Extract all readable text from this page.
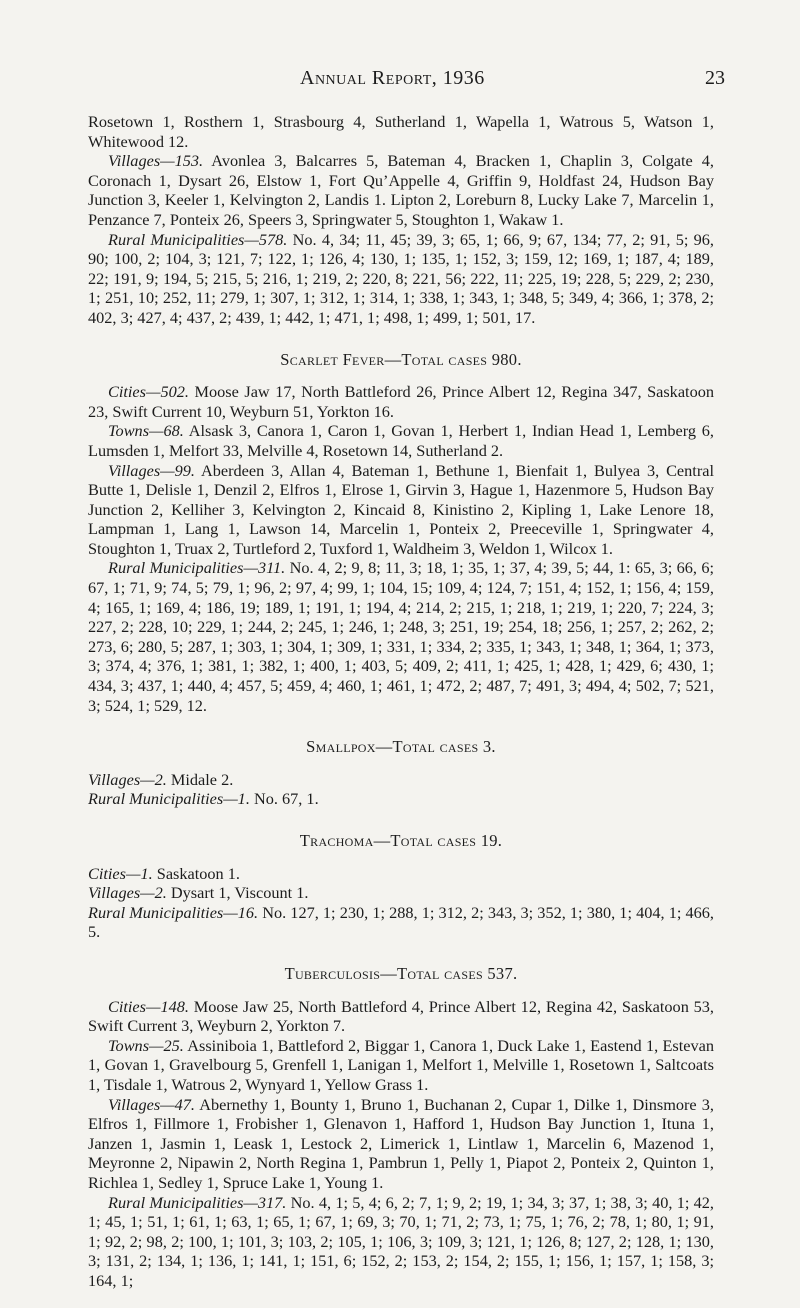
Annual Report, 1936	23

Rosetown 1, Rosthern 1, Strasbourg 4, Sutherland 1, Wapella 1, Watrous 5, Watson 1, Whitewood 12.

Villages—153. Avonlea 3, Balcarres 5, Bateman 4, Bracken 1, Chaplin 3, Colgate 4, Coronach 1, Dysart 26, Elstow 1, Fort Qu’Appelle 4, Griffin 9, Holdfast 24, Hudson Bay Junction 3, Keeler 1, Kelvington 2, Landis 1. Lipton 2, Loreburn 8, Lucky Lake 7, Marcelin 1, Penzance 7, Ponteix 26, Speers 3, Springwater 5, Stoughton 1, Wakaw 1.

Rural Municipalities—578. No. 4, 34; 11, 45; 39, 3; 65, 1; 66, 9; 67, 134; 77, 2; 91, 5; 96, 90; 100, 2; 104, 3; 121, 7; 122, 1; 126, 4; 130, 1; 135, 1; 152, 3; 159, 12; 169, 1; 187, 4; 189, 22; 191, 9; 194, 5; 215, 5; 216, 1; 219, 2; 220, 8; 221, 56; 222, 11; 225, 19; 228, 5; 229, 2; 230, 1; 251, 10; 252, 11; 279, 1; 307, 1; 312, 1; 314, 1; 338, 1; 343, 1; 348, 5; 349, 4; 366, 1; 378, 2; 402, 3; 427, 4; 437, 2; 439, 1; 442, 1; 471, 1; 498, 1; 499, 1; 501, 17.

Scarlet Fever—Total cases 980.

Cities—502. Moose Jaw 17, North Battleford 26, Prince Albert 12, Regina 347, Saskatoon 23, Swift Current 10, Weyburn 51, Yorkton 16.

Towns—68. Alsask 3, Canora 1, Caron 1, Govan 1, Herbert 1, Indian Head 1, Lemberg 6, Lumsden 1, Melfort 33, Melville 4, Rosetown 14, Sutherland 2.

Villages—99. Aberdeen 3, Allan 4, Bateman 1, Bethune 1, Bienfait 1, Bulyea 3, Central Butte 1, Delisle 1, Denzil 2, Elfros 1, Elrose 1, Girvin 3, Hague 1, Hazenmore 5, Hudson Bay Junction 2, Kelliher 3, Kelvington 2, Kincaid 8, Kinistino 2, Kipling 1, Lake Lenore 18, Lampman 1, Lang 1, Lawson 14, Marcelin 1, Ponteix 2, Preeceville 1, Springwater 4, Stoughton 1, Truax 2, Turtleford 2, Tuxford 1, Waldheim 3, Weldon 1, Wilcox 1.

Rural Municipalities—311. No. 4, 2; 9, 8; 11, 3; 18, 1; 35, 1; 37, 4; 39, 5; 44, 1: 65, 3; 66, 6; 67, 1; 71, 9; 74, 5; 79, 1; 96, 2; 97, 4; 99, 1; 104, 15; 109, 4; 124, 7; 151, 4; 152, 1; 156, 4; 159, 4; 165, 1; 169, 4; 186, 19; 189, 1; 191, 1; 194, 4; 214, 2; 215, 1; 218, 1; 219, 1; 220, 7; 224, 3; 227, 2; 228, 10; 229, 1; 244, 2; 245, 1; 246, 1; 248, 3; 251, 19; 254, 18; 256, 1; 257, 2; 262, 2; 273, 6; 280, 5; 287, 1; 303, 1; 304, 1; 309, 1; 331, 1; 334, 2; 335, 1; 343, 1; 348, 1; 364, 1; 373, 3; 374, 4; 376, 1; 381, 1; 382, 1; 400, 1; 403, 5; 409, 2; 411, 1; 425, 1; 428, 1; 429, 6; 430, 1; 434, 3; 437, 1; 440, 4; 457, 5; 459, 4; 460, 1; 461, 1; 472, 2; 487, 7; 491, 3; 494, 4; 502, 7; 521, 3; 524, 1; 529, 12.

Smallpox—Total cases 3.

Villages—2. Midale 2.

Rural Municipalities—1. No. 67, 1.

Trachoma—Total cases 19.

Cities—1. Saskatoon 1.

Villages—2. Dysart 1, Viscount 1.

Rural Municipalities—16. No. 127, 1; 230, 1; 288, 1; 312, 2; 343, 3; 352, 1; 380, 1; 404, 1; 466, 5.

Tuberculosis—Total cases 537.

Cities—148. Moose Jaw 25, North Battleford 4, Prince Albert 12, Regina 42, Saskatoon 53, Swift Current 3, Weyburn 2, Yorkton 7.

Towns—25. Assiniboia 1, Battleford 2, Biggar 1, Canora 1, Duck Lake 1, Eastend 1, Estevan 1, Govan 1, Gravelbourg 5, Grenfell 1, Lanigan 1, Melfort 1, Melville 1, Rosetown 1, Saltcoats 1, Tisdale 1, Watrous 2, Wynyard 1, Yellow Grass 1.

Villages—47. Abernethy 1, Bounty 1, Bruno 1, Buchanan 2, Cupar 1, Dilke 1, Dinsmore 3, Elfros 1, Fillmore 1, Frobisher 1, Glenavon 1, Hafford 1, Hudson Bay Junction 1, Ituna 1, Janzen 1, Jasmin 1, Leask 1, Lestock 2, Limerick 1, Lintlaw 1, Marcelin 6, Mazenod 1, Meyronne 2, Nipawin 2, North Regina 1, Pambrun 1, Pelly 1, Piapot 2, Ponteix 2, Quinton 1, Richlea 1, Sedley 1, Spruce Lake 1, Young 1.

Rural Municipalities—317. No. 4, 1; 5, 4; 6, 2; 7, 1; 9, 2; 19, 1; 34, 3; 37, 1; 38, 3; 40, 1; 42, 1; 45, 1; 51, 1; 61, 1; 63, 1; 65, 1; 67, 1; 69, 3; 70, 1; 71, 2; 73, 1; 75, 1; 76, 2; 78, 1; 80, 1; 91, 1; 92, 2; 98, 2; 100, 1; 101, 3; 103, 2; 105, 1; 106, 3; 109, 3; 121, 1; 126, 8; 127, 2; 128, 1; 130, 3; 131, 2; 134, 1; 136, 1; 141, 1; 151, 6; 152, 2; 153, 2; 154, 2; 155, 1; 156, 1; 157, 1; 158, 3; 164, 1;
